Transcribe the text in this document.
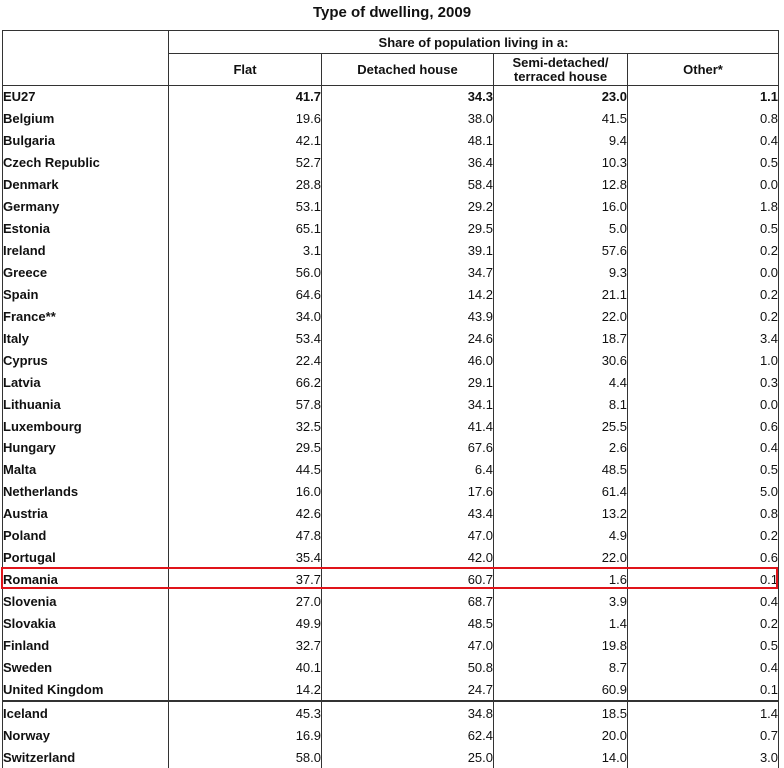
Type of dwelling, 2009
	Share of population living in a:			
	Flat	Detached house	Semi-detached/
terraced house	Other*
EU27	41.7	34.3	23.0	1.1
Belgium	19.6	38.0	41.5	0.8
Bulgaria	42.1	48.1	9.4	0.4
Czech Republic	52.7	36.4	10.3	0.5
Denmark	28.8	58.4	12.8	0.0
Germany	53.1	29.2	16.0	1.8
Estonia	65.1	29.5	5.0	0.5
Ireland	3.1	39.1	57.6	0.2
Greece	56.0	34.7	9.3	0.0
Spain	64.6	14.2	21.1	0.2
France**	34.0	43.9	22.0	0.2
Italy	53.4	24.6	18.7	3.4
Cyprus	22.4	46.0	30.6	1.0
Latvia	66.2	29.1	4.4	0.3
Lithuania	57.8	34.1	8.1	0.0
Luxembourg	32.5	41.4	25.5	0.6
Hungary	29.5	67.6	2.6	0.4
Malta	44.5	6.4	48.5	0.5
Netherlands	16.0	17.6	61.4	5.0
Austria	42.6	43.4	13.2	0.8
Poland	47.8	47.0	4.9	0.2
Portugal	35.4	42.0	22.0	0.6
Romania	37.7	60.7	1.6	0.1
Slovenia	27.0	68.7	3.9	0.4
Slovakia	49.9	48.5	1.4	0.2
Finland	32.7	47.0	19.8	0.5
Sweden	40.1	50.8	8.7	0.4
United Kingdom	14.2	24.7	60.9	0.1
Iceland	45.3	34.8	18.5	1.4
Norway	16.9	62.4	20.0	0.7
Switzerland	58.0	25.0	14.0	3.0
